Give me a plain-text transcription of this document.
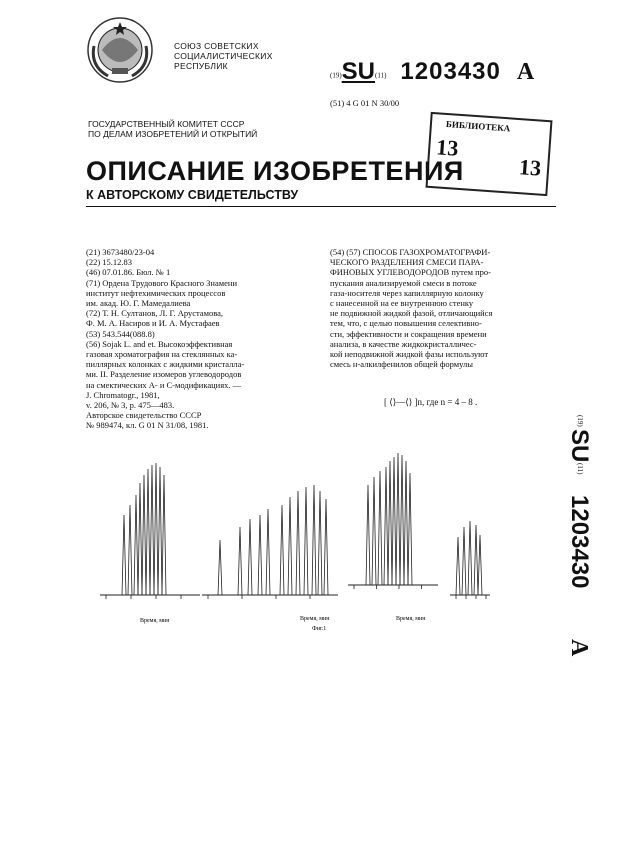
СОЮЗ СОВЕТСКИХ
СОЦИАЛИСТИЧЕСКИХ
РЕСПУБЛИК
(19)SU(11) 1203430 A
(51) 4 G 01 N 30/00
ГОСУДАРСТВЕННЫЙ КОМИТЕТ СССР
ПО ДЕЛАМ ИЗОБРЕТЕНИЙ И ОТКРЫТИЙ
БИБЛИОТЕКА
13
13
ОПИСАНИЕ ИЗОБРЕТЕНИЯ
К АВТОРСКОМУ СВИДЕТЕЛЬСТВУ
(21) 3673480/23-04
(22) 15.12.83
(46) 07.01.86. Бюл. № 1
(71) Ордена Трудового Красного Знамени
институт нефтехимических процессов
им. акад. Ю. Г. Мамедалиева
(72) Т. Н. Султанов, Л. Г. Арустамова,
Ф. М. А. Насиров и И. А. Мустафаев
(53) 543.544(088.8)
(56) Sojak L. and et. Высокоэффективная
газовая хроматография на стеклянных ка-
пиллярных колонках с жидкими кристалла-
ми. II. Разделение изомеров углеводородов
на смектических А- и С-модификациях. —
J. Chromatogr., 1981,
v. 206, № 3, p. 475—483.
Авторское свидетельство СССР
№ 989474, кл. G 01 N 31/08, 1981.
(54) (57) СПОСОБ ГАЗОХРОМАТОГРАФИ-
ЧЕСКОГО РАЗДЕЛЕНИЯ СМЕСИ ПАРА-
ФИНОВЫХ УГЛЕВОДОРОДОВ путем про-
пускания анализируемой смеси в потоке
газа-носителя через капиллярную колонку
с нанесенной на ее внутреннюю стенку
не подвижной жидкой фазой, отличающийся
тем, что, с целью повышения селективно-
сти, эффективности и сокращения времени
анализа, в качестве жидкокристалличес-
кой неподвижной жидкой фазы используют
смесь н-алкилфенилов общей формулы
[ ⟨⟩—⟨⟩ ]n, где n = 4 – 8 .
(19)
SU
(11)
1203430
A
Время, мин	Время, мин	Время, мин
Фиг.1
